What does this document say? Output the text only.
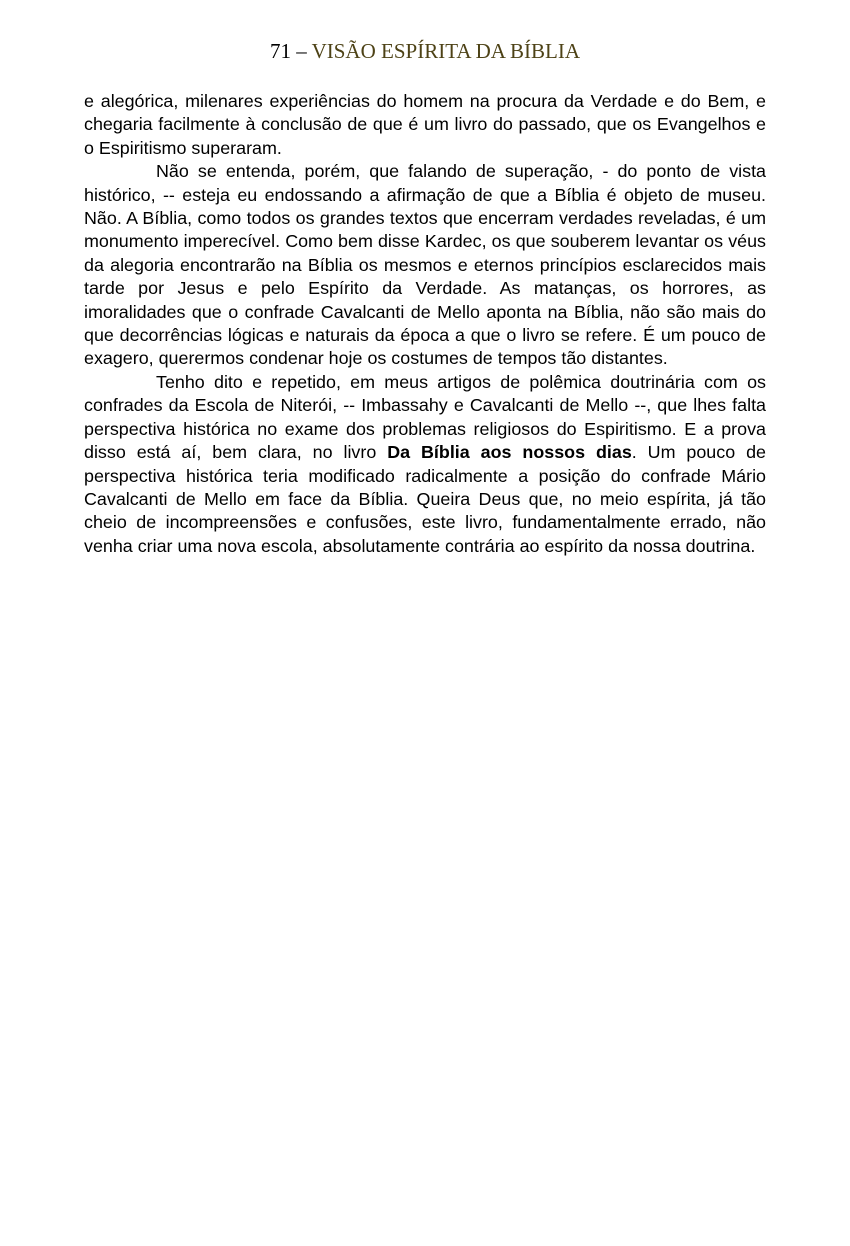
71 – VISÃO ESPÍRITA DA BÍBLIA

e alegórica, milenares experiências do homem na procura da Verdade e do Bem, e chegaria facilmente à conclusão de que é um livro do passado, que os Evangelhos e o Espiritismo superaram.

Não se entenda, porém, que falando de superação, - do ponto de vista histórico, -- esteja eu endossando a afirmação de que a Bíblia é objeto de museu. Não. A Bíblia, como todos os grandes textos que encerram verdades reveladas, é um monumento imperecível. Como bem disse Kardec, os que souberem levantar os véus da alegoria encontrarão na Bíblia os mesmos e eternos princípios esclarecidos mais tarde por Jesus e pelo Espírito da Verdade. As matanças, os horrores, as imoralidades que o confrade Cavalcanti de Mello aponta na Bíblia, não são mais do que decorrências lógicas e naturais da época a que o livro se refere. É um pouco de exagero, querermos condenar hoje os costumes de tempos tão distantes.

Tenho dito e repetido, em meus artigos de polêmica doutrinária com os confrades da Escola de Niterói, -- Imbassahy e Cavalcanti de Mello --, que lhes falta perspectiva histórica no exame dos problemas religiosos do Espiritismo. E a prova disso está aí, bem clara, no livro Da Bíblia aos nossos dias. Um pouco de perspectiva histórica teria modificado radicalmente a posição do confrade Mário Cavalcanti de Mello em face da Bíblia. Queira Deus que, no meio espírita, já tão cheio de incompreensões e confusões, este livro, fundamentalmente errado, não venha criar uma nova escola, absolutamente contrária ao espírito da nossa doutrina.
